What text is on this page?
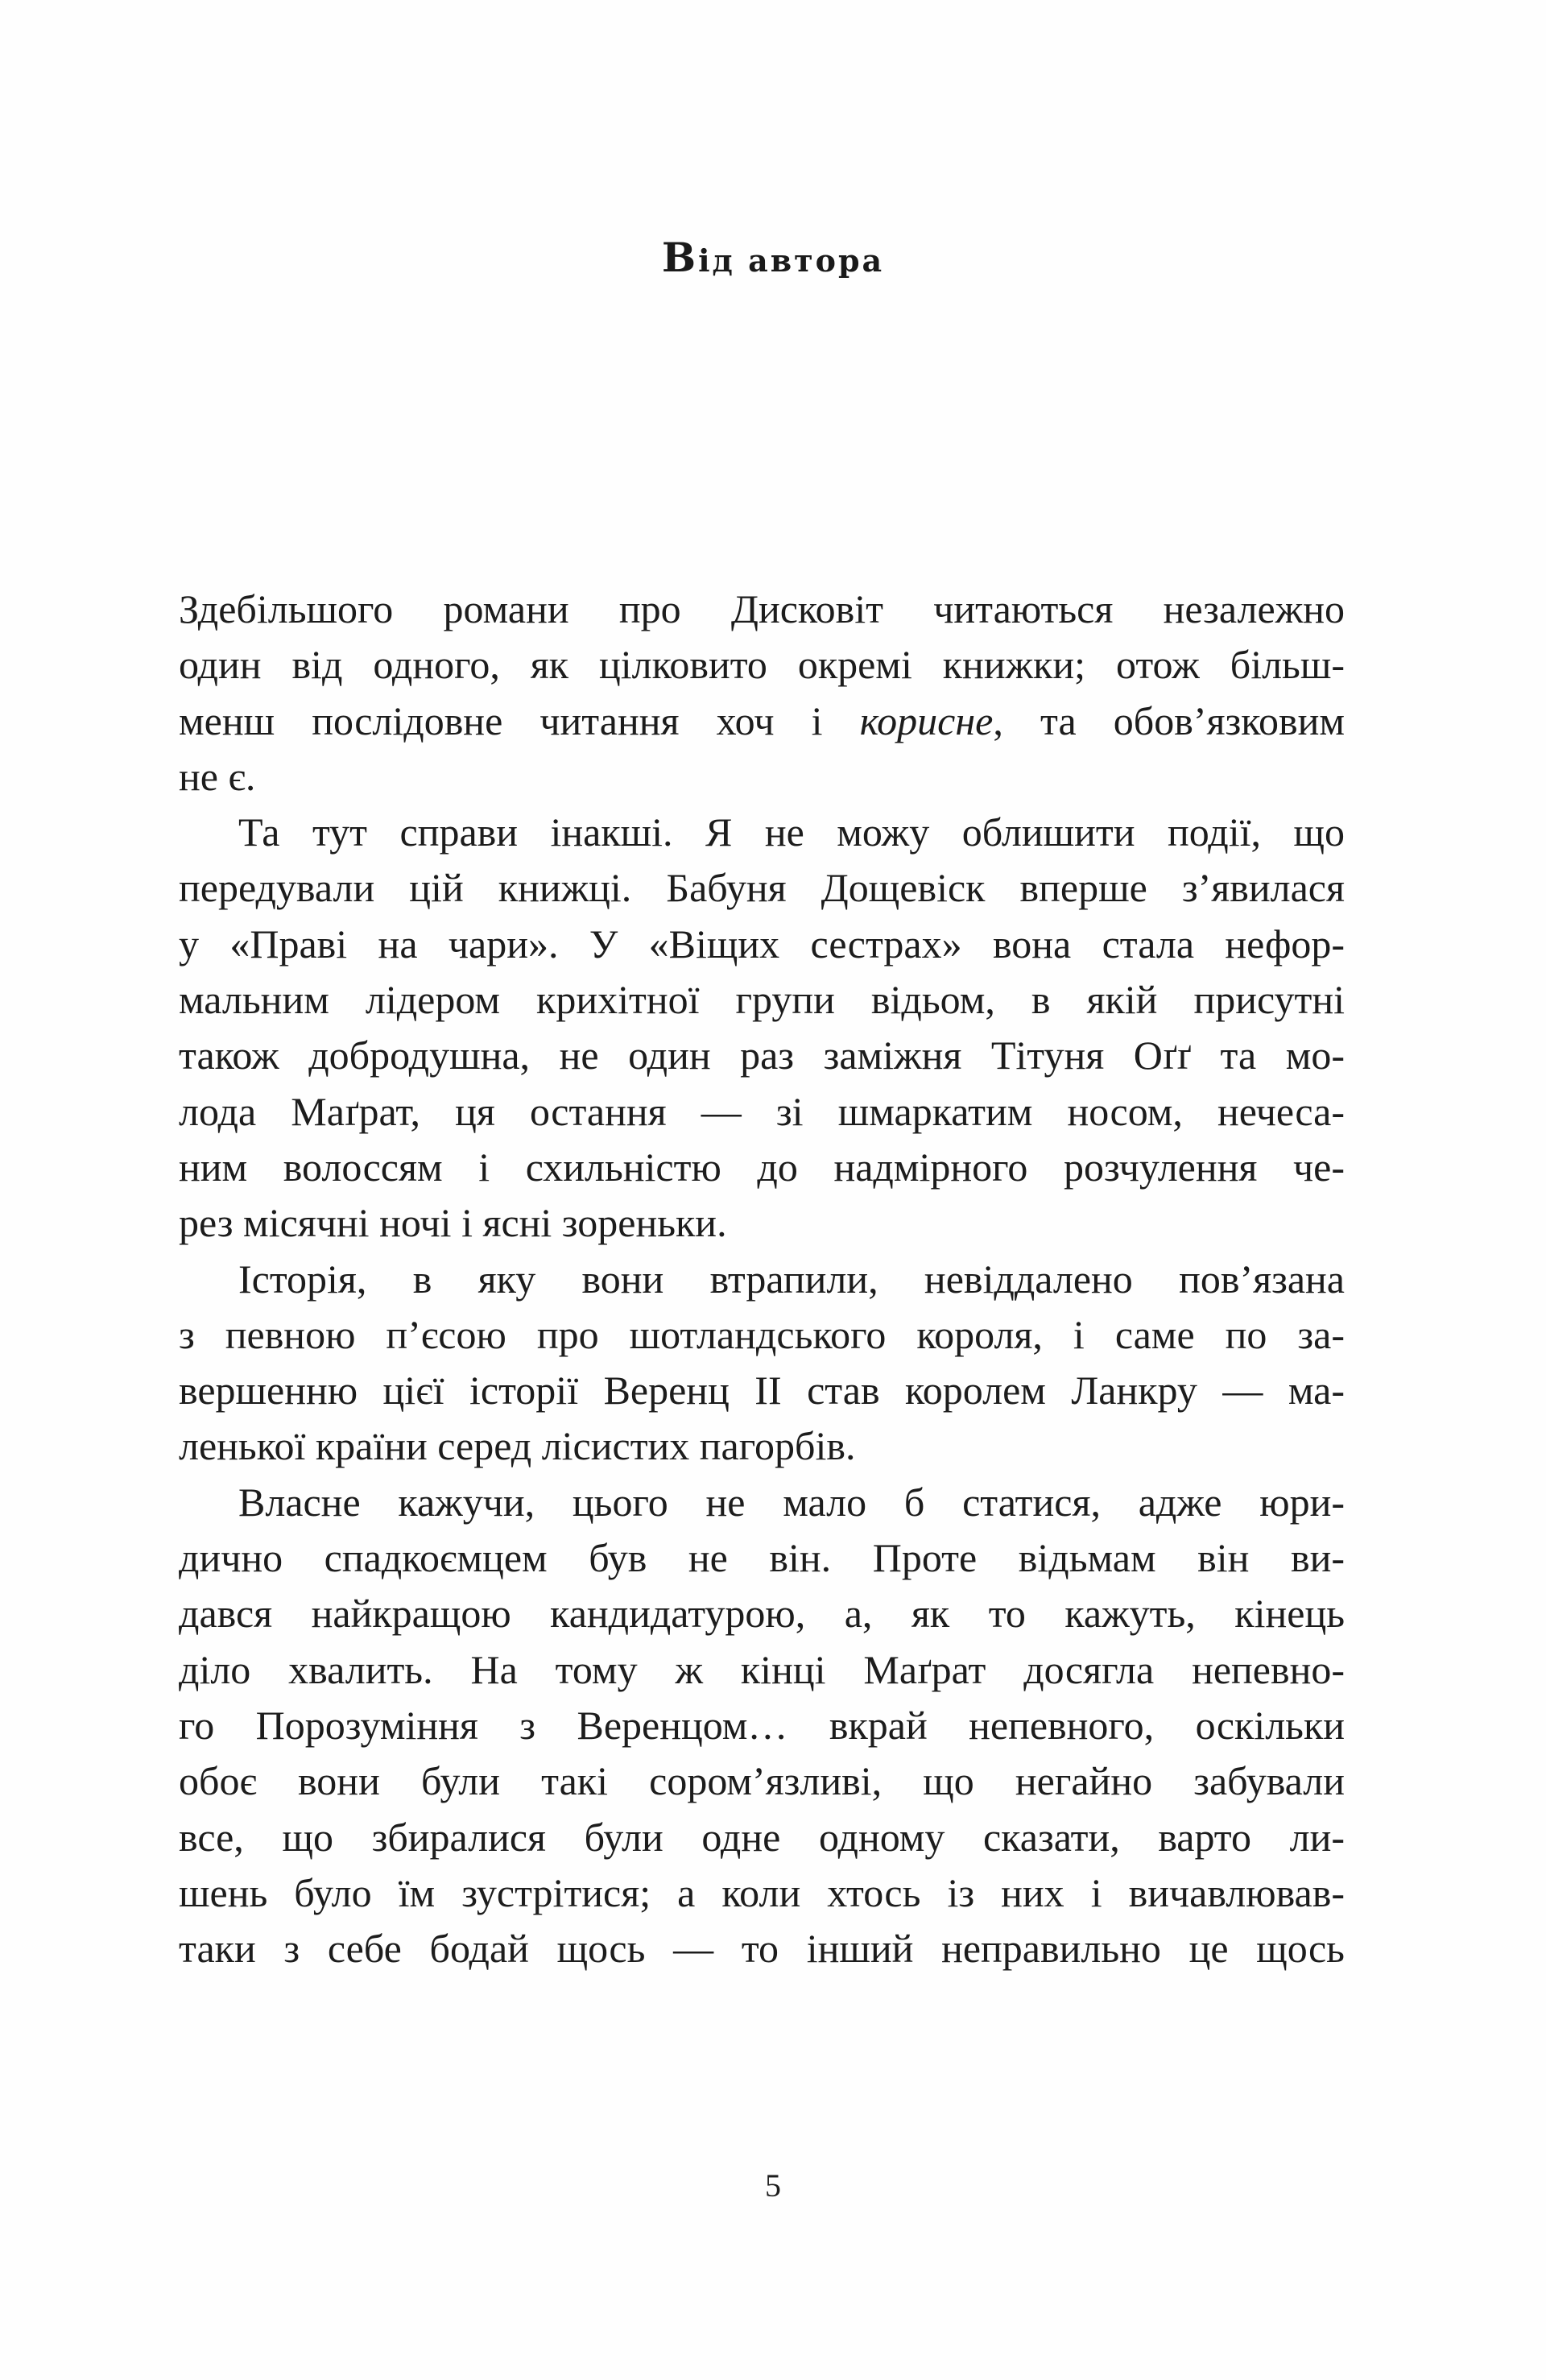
Від автора
Здебільшого романи про Дисковіт читаються незалежно
один від одного, як цілковито окремі книжки; отож більш-
менш послідовне читання хоч і корисне, та обов’язковим
не є.
Та тут справи інакші. Я не можу облишити події, що
передували цій книжці. Бабуня Дощевіск вперше з’явилася
у «Праві на чари». У «Віщих сестрах» вона стала нефор-
мальним лідером крихітної групи відьом, в якій присутні
також добродушна, не один раз заміжня Тітуня Оґґ та мо-
лода Маґрат, ця остання — зі шмаркатим носом, нечеса-
ним волоссям і схильністю до надмірного розчулення че-
рез місячні ночі і ясні зореньки.
Історія, в яку вони втрапили, невіддалено пов’язана
з певною п’єсою про шотландського короля, і саме по за-
вершенню цієї історії Веренц II став королем Ланкру — ма-
ленької країни серед лісистих пагорбів.
Власне кажучи, цього не мало б статися, адже юри-
дично спадкоємцем був не він. Проте відьмам він ви-
дався найкращою кандидатурою, а, як то кажуть, кінець
діло хвалить. На тому ж кінці Маґрат досягла непевно-
го Порозуміння з Веренцом… вкрай непевного, оскільки
обоє вони були такі сором’язливі, що негайно забували
все, що збиралися були одне одному сказати, варто ли-
шень було їм зустрітися; а коли хтось із них і вичавлював-
таки з себе бодай щось — то інший неправильно це щось
5
